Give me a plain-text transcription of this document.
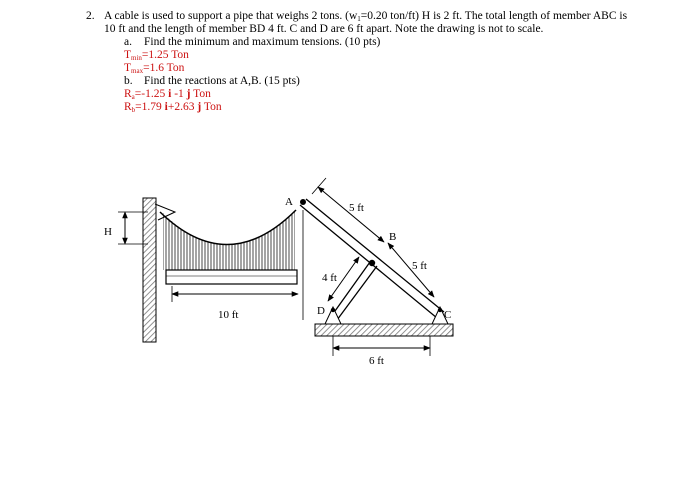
2. A cable is used to support a pipe that weighs 2 tons. ($w_1=0.20$ ton/ft) H is 2 ft. The total length of member ABC is
10 ft and the length of member BD 4 ft. C and D are 6 ft apart. Note the drawing is not to scale.
a. Find the minimum and maximum tensions. (10 pts)
$T_{min}=1.25$ Ton
$T_{max}=1.6$ Ton
b. Find the reactions at A,B. (15 pts)
$R_a=-1.25$ i -1 j Ton
$R_b=1.79$ i+2.63 j Ton
H
10 ft
5 ft
A
B
5 ft
4 ft
D	C
6 ft
